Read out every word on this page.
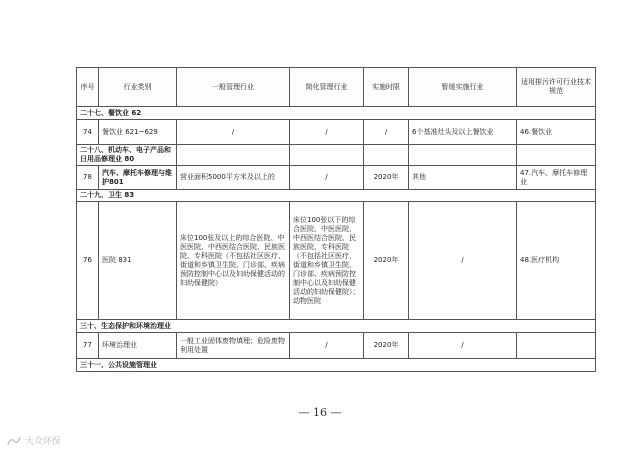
序号	行业类别	一般管理行业	简化管理行业	实施时限	暂缓实施行业	适用排污许可行业技术规范
二十七、餐饮业 62						
74	餐饮业 621~629	/	/	/	6个基准灶头及以上餐饮业	46.餐饮业
二十八、机动车、电子产品和日用品修理业 80						
78	汽车、摩托车修理与维护801	营业面积5000平方米及以上的	/	2020年	其他	47.汽车、摩托车修理业
二十九、卫生 83						
76	医院 831	床位100张及以上的综合医院、中医医院、中西医结合医院、民族医院、专科医院（不包括社区医疗、街道和乡镇卫生院、门诊部、疾病预防控制中心以及妇幼保健活动的妇幼保健院）	床位100张以下的综合医院、中医医院、中西医结合医院、民族医院、专科医院（不包括社区医疗、街道和乡镇卫生院、门诊部、疾病预防控制中心以及妇幼保健活动的妇幼保健院）；动物医院	2020年	/	48.医疗机构
三十、生态保护和环境治理业						
77	环境治理业	一般工业固体废物填埋；危险废物利用处置	/	2020年	/	
三十一、公共设施管理业						
— 16 —
大众环保
